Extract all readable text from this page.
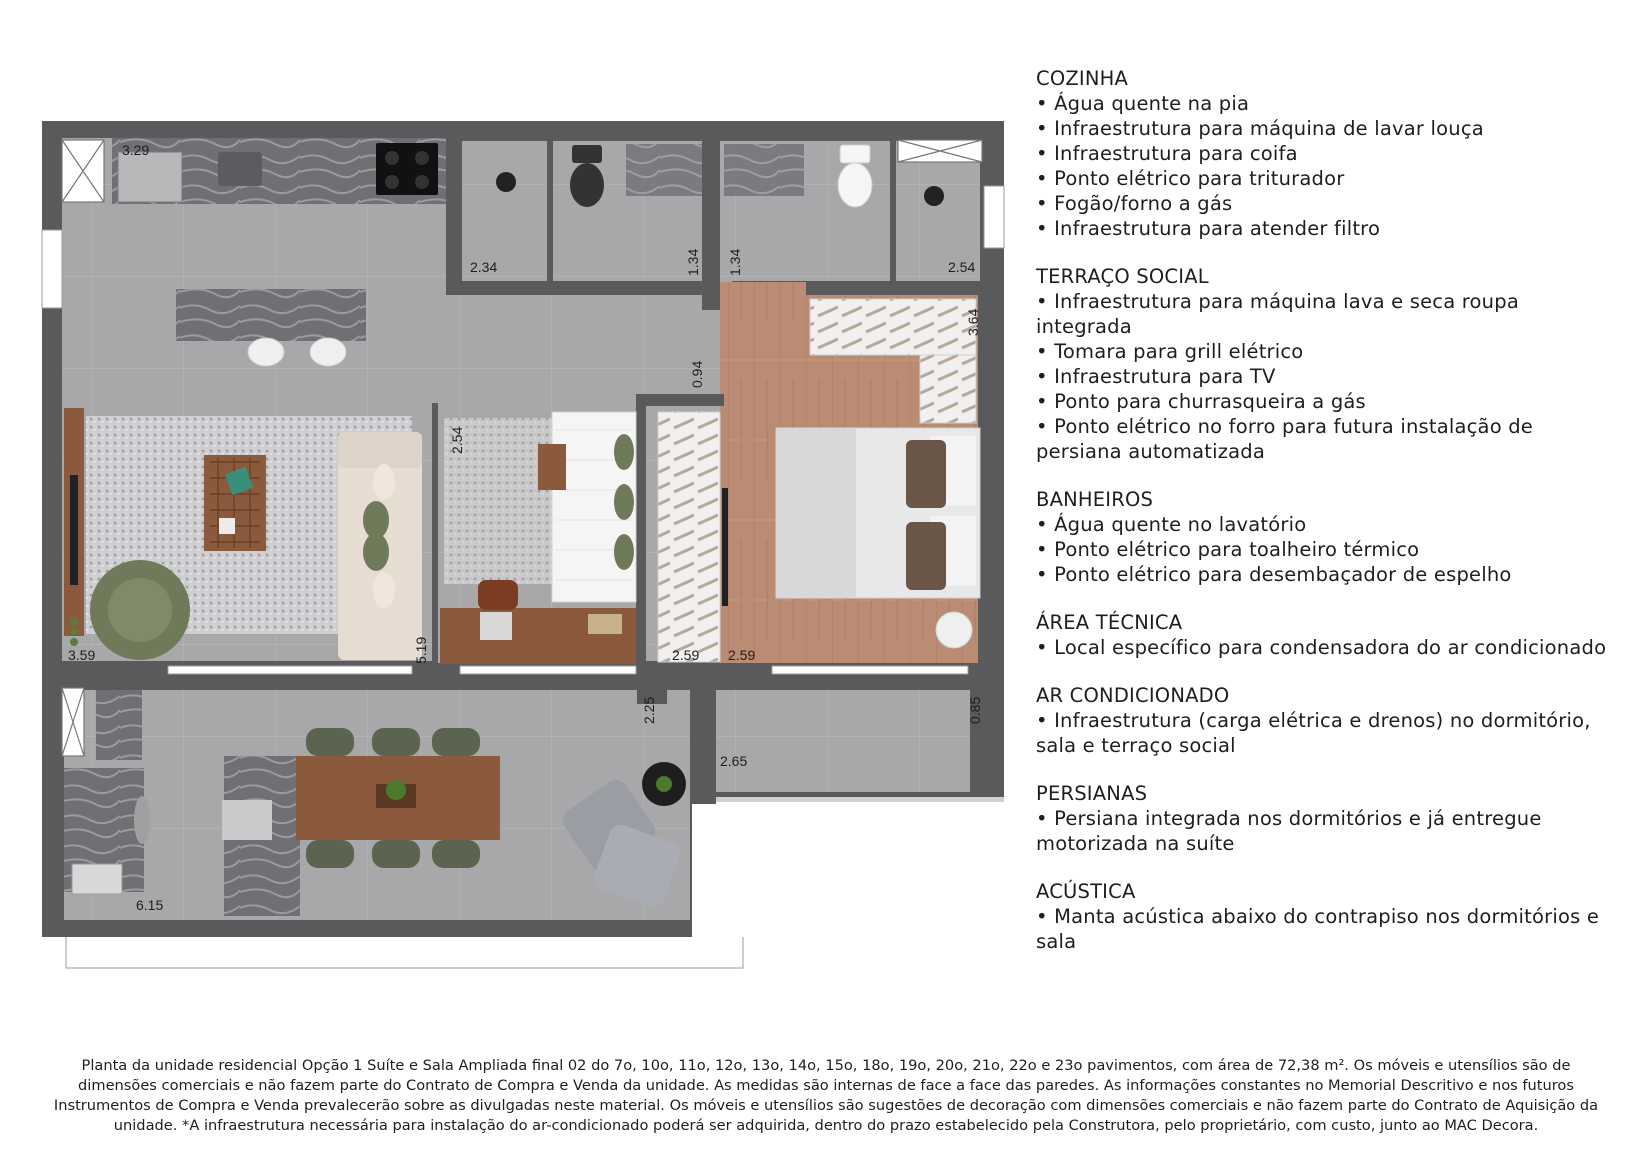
3.29
2.34	1.34 1.34	2.54
0.94
3.64
2.54
3.59	5.19	2.59 2.59
2.25	0.85
2.65
6.15
COZINHA
• Água quente na pia
• Infraestrutura para máquina de lavar louça
• Infraestrutura para coifa
• Ponto elétrico para triturador
• Fogão/forno a gás
• Infraestrutura para atender filtro
TERRAÇO SOCIAL
• Infraestrutura para máquina lava e seca roupa integrada
• Tomara para grill elétrico
• Infraestrutura para TV
• Ponto para churrasqueira a gás
• Ponto elétrico no forro para futura instalação de persiana automatizada
BANHEIROS
• Água quente no lavatório
• Ponto elétrico para toalheiro térmico
• Ponto elétrico para desembaçador de espelho
ÁREA TÉCNICA
• Local específico para condensadora do ar condicionado
AR CONDICIONADO
• Infraestrutura (carga elétrica e drenos) no dormitório, sala e terraço social
PERSIANAS
• Persiana integrada nos dormitórios e já entregue motorizada na suíte
ACÚSTICA
• Manta acústica abaixo do contrapiso nos dormitórios e sala
Planta da unidade residencial Opção 1 Suíte e Sala Ampliada final 02 do 7o, 10o, 11o, 12o, 13o, 14o, 15o, 18o, 19o, 20o, 21o, 22o e 23o pavimentos, com área de 72,38 m². Os móveis e utensílios são de dimensões comerciais e não fazem parte do Contrato de Compra e Venda da unidade. As medidas são internas de face a face das paredes. As informações constantes no Memorial Descritivo e nos futuros Instrumentos de Compra e Venda prevalecerão sobre as divulgadas neste material. Os móveis e utensílios são sugestões de decoração com dimensões comerciais e não fazem parte do Contrato de Aquisição da unidade. *A infraestrutura necessária para instalação do ar-condicionado poderá ser adquirida, dentro do prazo estabelecido pela Construtora, pelo proprietário, com custo, junto ao MAC Decora.
